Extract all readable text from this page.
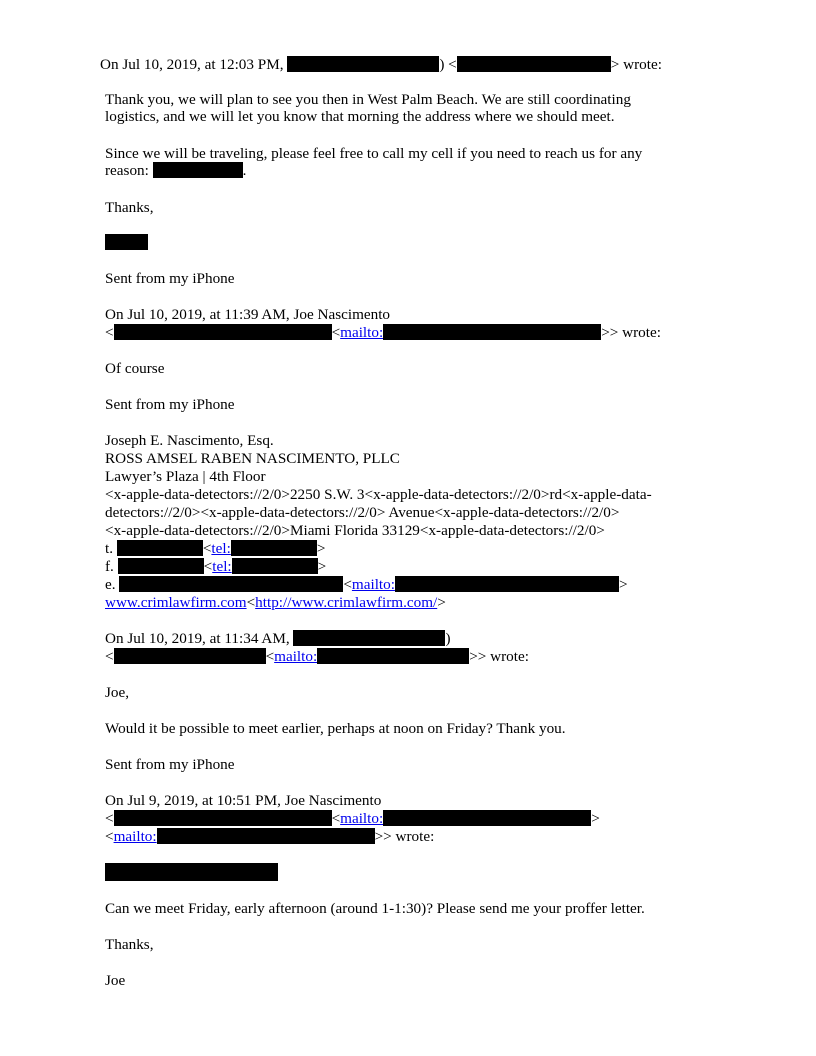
On Jul 10, 2019, at 12:03 PM,	) <	> wrote:
Thank you, we will plan to see you then in West Palm Beach. We are still coordinating
logistics, and we will let you know that morning the address where we should meet.
Since we will be traveling, please feel free to call my cell if you need to reach us for any
reason:	.
Thanks,
Sent from my iPhone
On Jul 10, 2019, at 11:39 AM, Joe Nascimento
<	<mailto:	>> wrote:
Of course
Sent from my iPhone
Joseph E. Nascimento, Esq.
ROSS AMSEL RABEN NASCIMENTO, PLLC
Lawyer’s Plaza | 4th Floor
<x-apple-data-detectors://2/0>2250 S.W. 3<x-apple-data-detectors://2/0>rd<x-apple-data-
detectors://2/0><x-apple-data-detectors://2/0> Avenue<x-apple-data-detectors://2/0>
<x-apple-data-detectors://2/0>Miami Florida 33129<x-apple-data-detectors://2/0>
t.	<tel:	>
f.	<tel:	>
e.	<mailto:	>
www.crimlawfirm.com<http://www.crimlawfirm.com/>
On Jul 10, 2019, at 11:34 AM,	)
<	<mailto:	>> wrote:
Joe,
Would it be possible to meet earlier, perhaps at noon on Friday? Thank you.
Sent from my iPhone
On Jul 9, 2019, at 10:51 PM, Joe Nascimento
<	<mailto:	>
<mailto:	>> wrote:
Can we meet Friday, early afternoon (around 1-1:30)? Please send me your proffer letter.
Thanks,
Joe
